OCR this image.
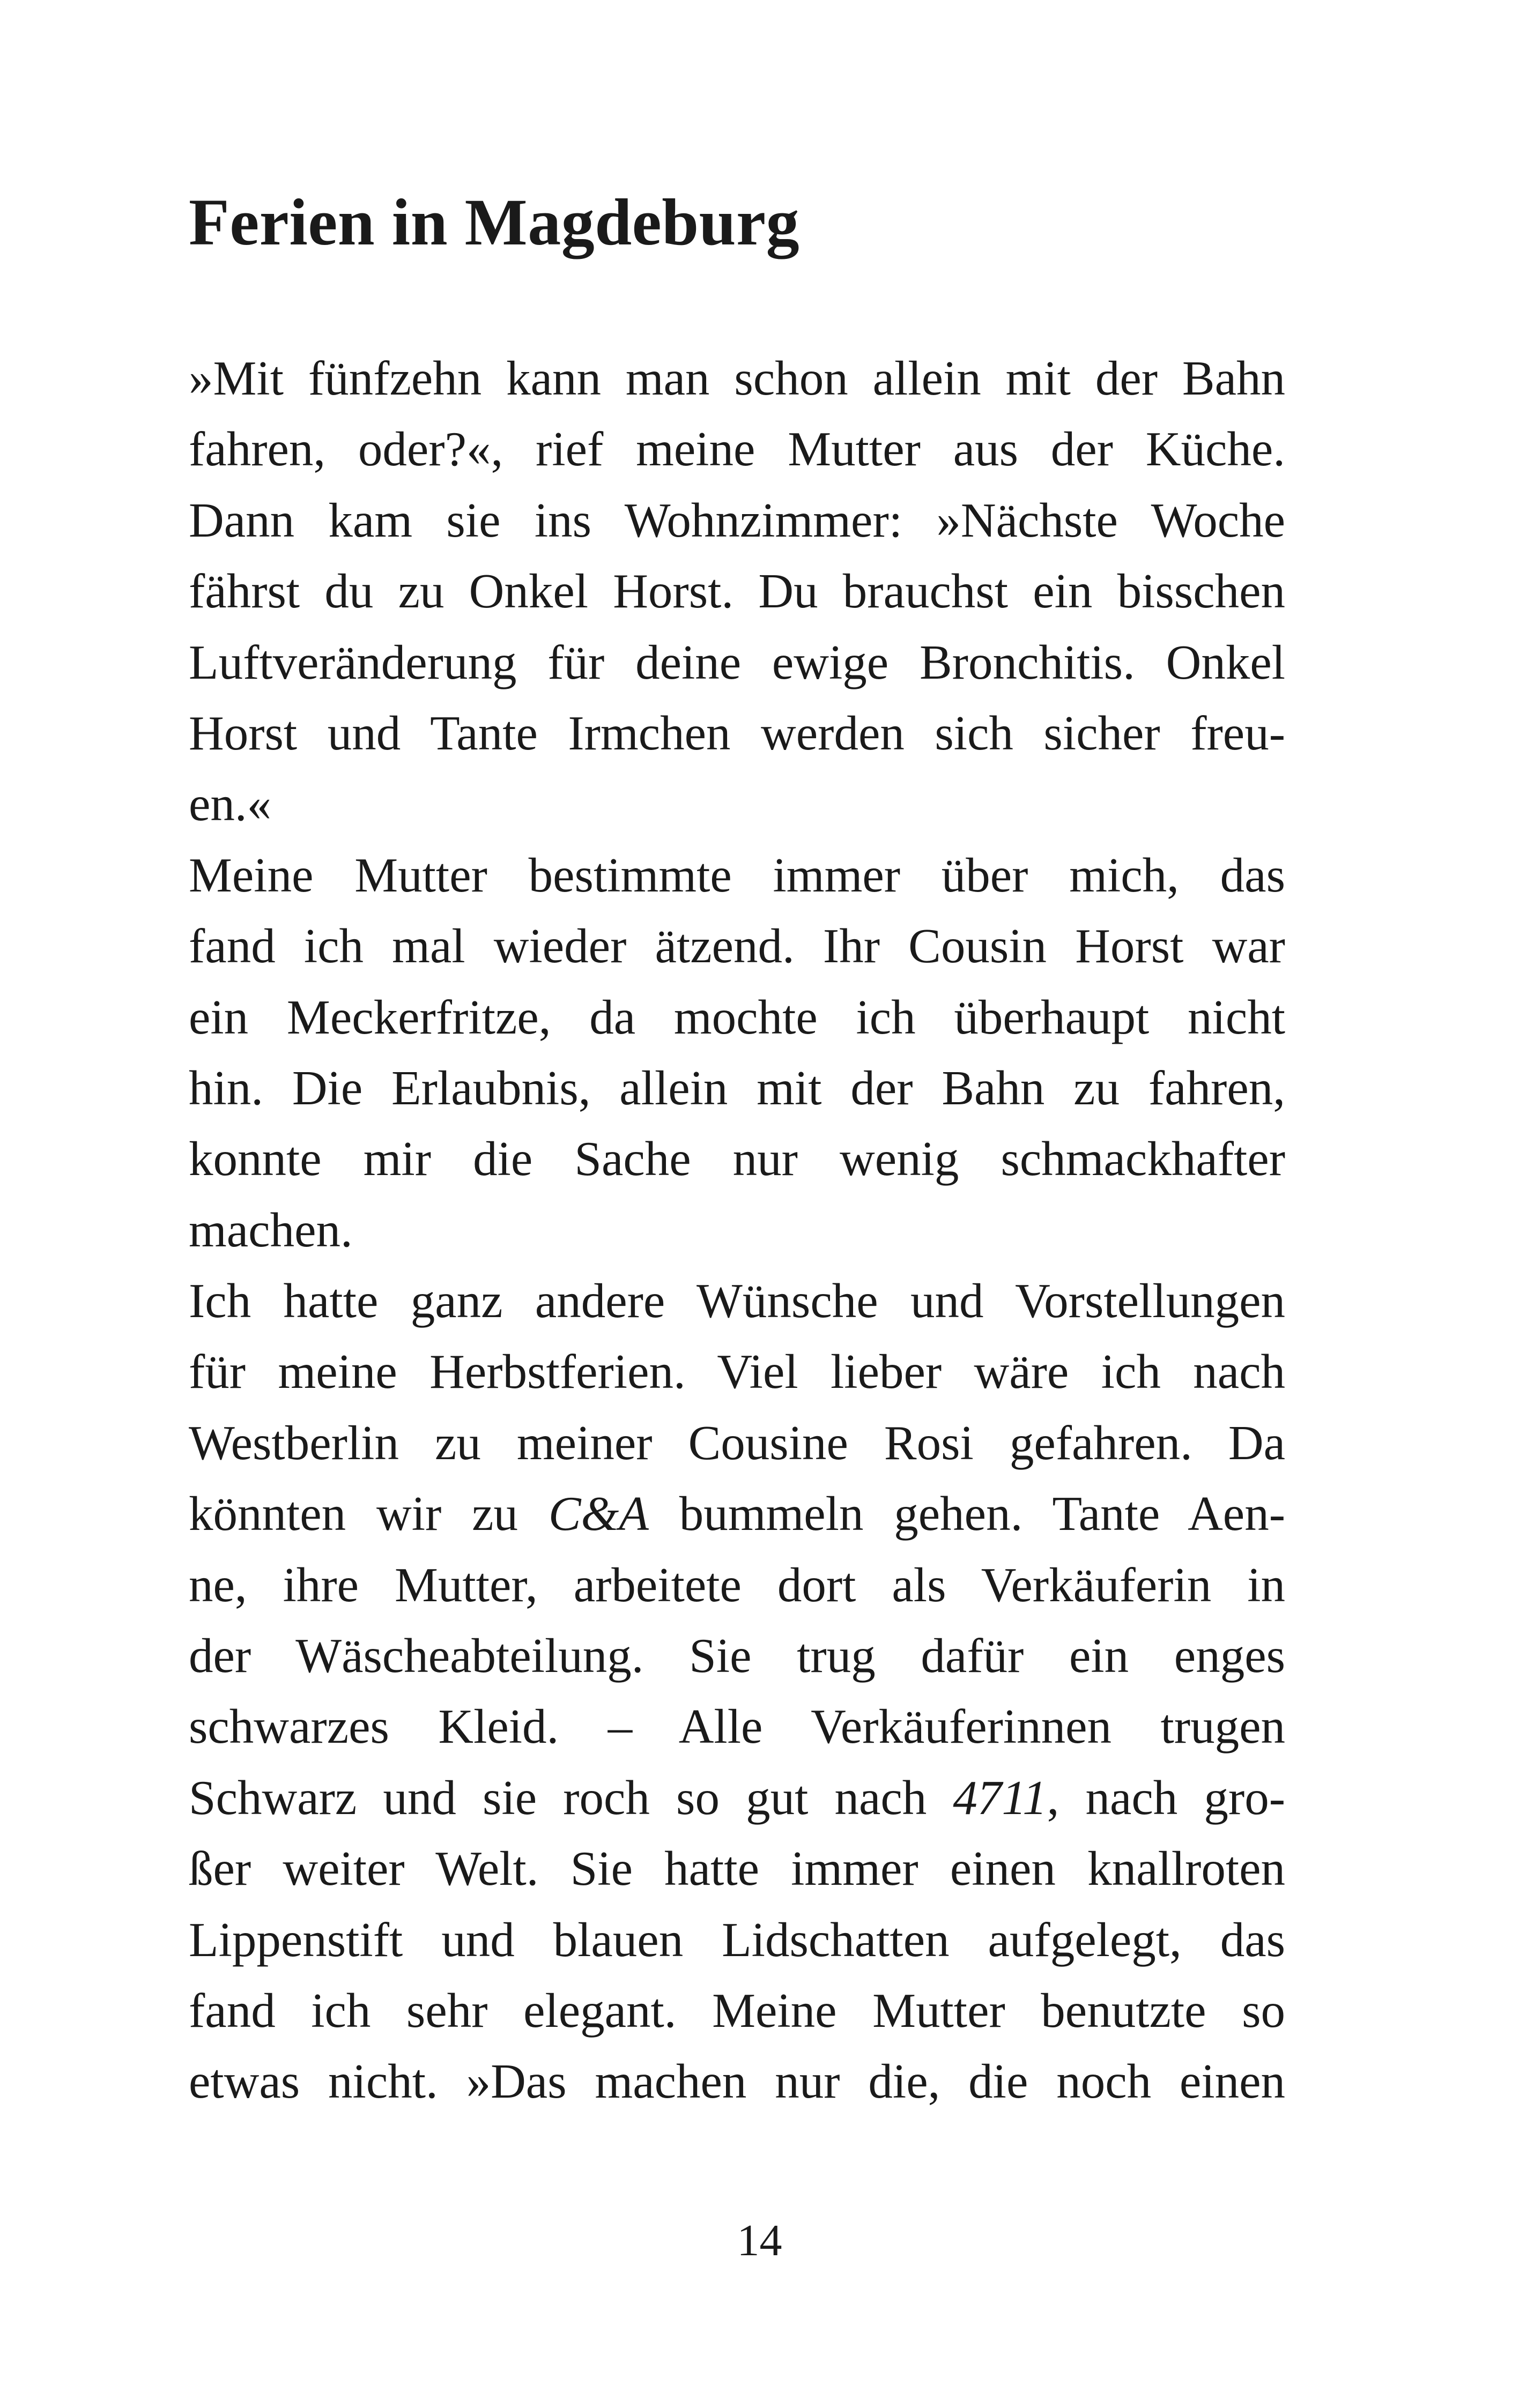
Ferien in Magdeburg
»Mit fünfzehn kann man schon allein mit der Bahn
fahren, oder?«, rief meine Mutter aus der Küche.
Dann kam sie ins Wohnzimmer: »Nächste Woche
fährst du zu Onkel Horst. Du brauchst ein bisschen
Luftveränderung für deine ewige Bronchitis. Onkel
Horst und Tante Irmchen werden sich sicher freu-
en.«
Meine Mutter bestimmte immer über mich, das
fand ich mal wieder ätzend. Ihr Cousin Horst war
ein Meckerfritze, da mochte ich überhaupt nicht
hin. Die Erlaubnis, allein mit der Bahn zu fahren,
konnte mir die Sache nur wenig schmackhafter
machen.
Ich hatte ganz andere Wünsche und Vorstellungen
für meine Herbstferien. Viel lieber wäre ich nach
Westberlin zu meiner Cousine Rosi gefahren. Da
könnten wir zu C&A bummeln gehen. Tante Aen-
ne, ihre Mutter, arbeitete dort als Verkäuferin in
der Wäscheabteilung. Sie trug dafür ein enges
schwarzes Kleid. – Alle Verkäuferinnen trugen
Schwarz und sie roch so gut nach 4711, nach gro-
ßer weiter Welt. Sie hatte immer einen knallroten
Lippenstift und blauen Lidschatten aufgelegt, das
fand ich sehr elegant. Meine Mutter benutzte so
etwas nicht. »Das machen nur die, die noch einen
14
